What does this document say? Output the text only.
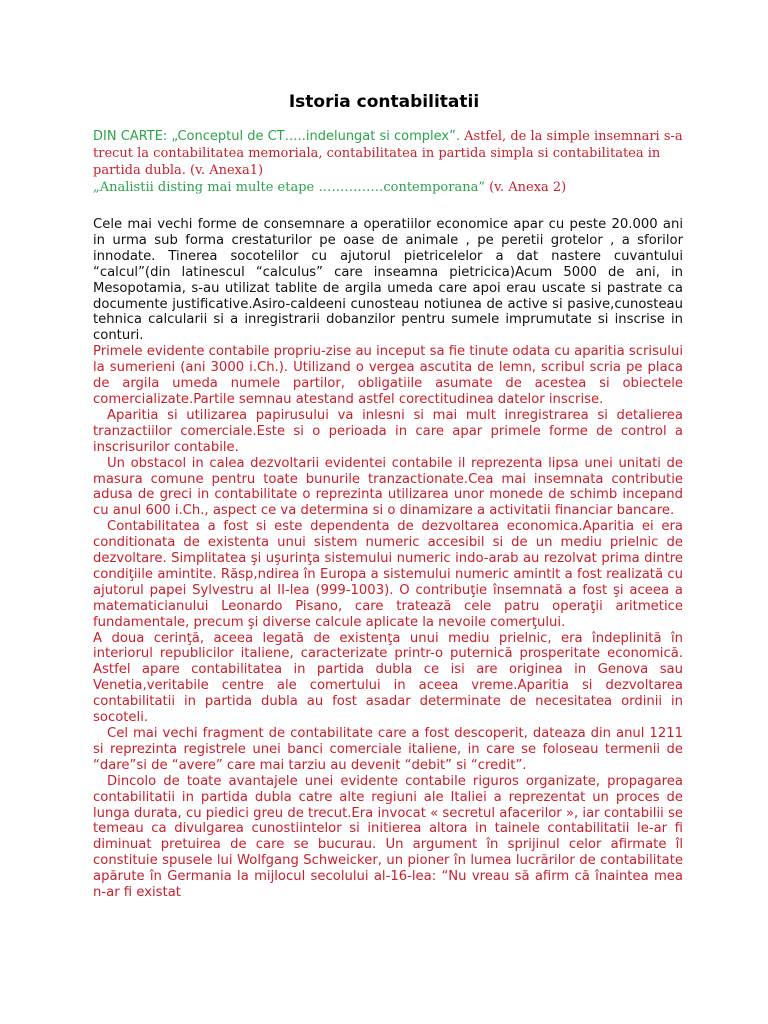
Istoria contabilitatii
DIN CARTE: „Conceptul de CT…..indelungat si complex”. Astfel, de la simple insemnari s-a trecut la contabilitatea memoriala, contabilitatea in partida simpla si contabilitatea in partida dubla. (v. Anexa1)
„Analistii disting mai multe etape ……………contemporana” (v. Anexa 2)

Cele mai vechi forme de consemnare a operatiilor economice apar cu peste 20.000 ani in urma sub forma crestaturilor pe oase de animale , pe peretii grotelor , a sforilor innodate. Tinerea socotelilor cu ajutorul pietricelelor a dat nastere cuvantului “calcul”(din latinescul “calculus” care inseamna pietricica)Acum 5000 de ani, in Mesopotamia, s-au utilizat tablite de argila umeda care apoi erau uscate si pastrate ca documente justificative.Asiro-caldeeni cunosteau notiunea de active si pasive,cunosteau tehnica calcularii si a inregistrarii dobanzilor pentru sumele imprumutate si inscrise in conturi.

Primele evidente contabile propriu-zise au inceput sa fie tinute odata cu aparitia scrisului la sumerieni (ani 3000 i.Ch.). Utilizand o vergea ascutita de lemn, scribul scria pe placa de argila umeda numele partilor, obligatiile asumate de acestea si obiectele comercializate.Partile semnau atestand astfel corectitudinea datelor inscrise.

Aparitia si utilizarea papirusului va inlesni si mai mult inregistrarea si detalierea tranzactiilor comerciale.Este si o perioada in care apar primele forme de control a inscrisurilor contabile.

Un obstacol in calea dezvoltarii evidentei contabile il reprezenta lipsa unei unitati de masura comune pentru toate bunurile tranzactionate.Cea mai insemnata contributie adusa de greci in contabilitate o reprezinta utilizarea unor monede de schimb incepand cu anul 600 i.Ch., aspect ce va determina si o dinamizare a activitatii financiar bancare.

Contabilitatea a fost si este dependenta de dezvoltarea economica.Aparitia ei era conditionata de existenta unui sistem numeric accesibil si de un mediu prielnic de dezvoltare. Simplitatea şi uşurinţa sistemului numeric indo-arab au rezolvat prima dintre condiţiile amintite. Răsp,ndirea în Europa a sistemului numeric amintit a fost realizată cu ajutorul papei Sylvestru al II-lea (999-1003). O contribuţie însemnată a fost şi aceea a matematicianului Leonardo Pisano, care tratează cele patru operaţii aritmetice fundamentale, precum şi diverse calcule aplicate la nevoile comerţului.

A doua cerinţă, aceea legată de existenţa unui mediu prielnic, era îndeplinită în interiorul republicilor italiene, caracterizate printr-o puternică prosperitate economică. Astfel apare contabilitatea in partida dubla ce isi are originea in Genova sau Venetia,veritabile centre ale comertului in aceea vreme.Aparitia si dezvoltarea contabilitatii in partida dubla au fost asadar determinate de necesitatea ordinii in socoteli.

Cel mai vechi fragment de contabilitate care a fost descoperit, dateaza din anul 1211 si reprezinta registrele unei banci comerciale italiene, in care se foloseau termenii de “dare”si de “avere” care mai tarziu au devenit “debit” si “credit”.

Dincolo de toate avantajele unei evidente contabile riguros organizate, propagarea contabilitatii in partida dubla catre alte regiuni ale Italiei a reprezentat un proces de lunga durata, cu piedici greu de trecut.Era invocat « secretul afacerilor », iar contabilii se temeau ca divulgarea cunostiintelor si initierea altora in tainele contabilitatii le-ar fi diminuat pretuirea de care se bucurau. Un argument în sprijinul celor afirmate îl constituie spusele lui Wolfgang Schweicker, un pioner în lumea lucrărilor de contabilitate apărute în Germania la mijlocul secolului al-16-lea: “Nu vreau să afirm că înaintea mea n-ar fi existat
